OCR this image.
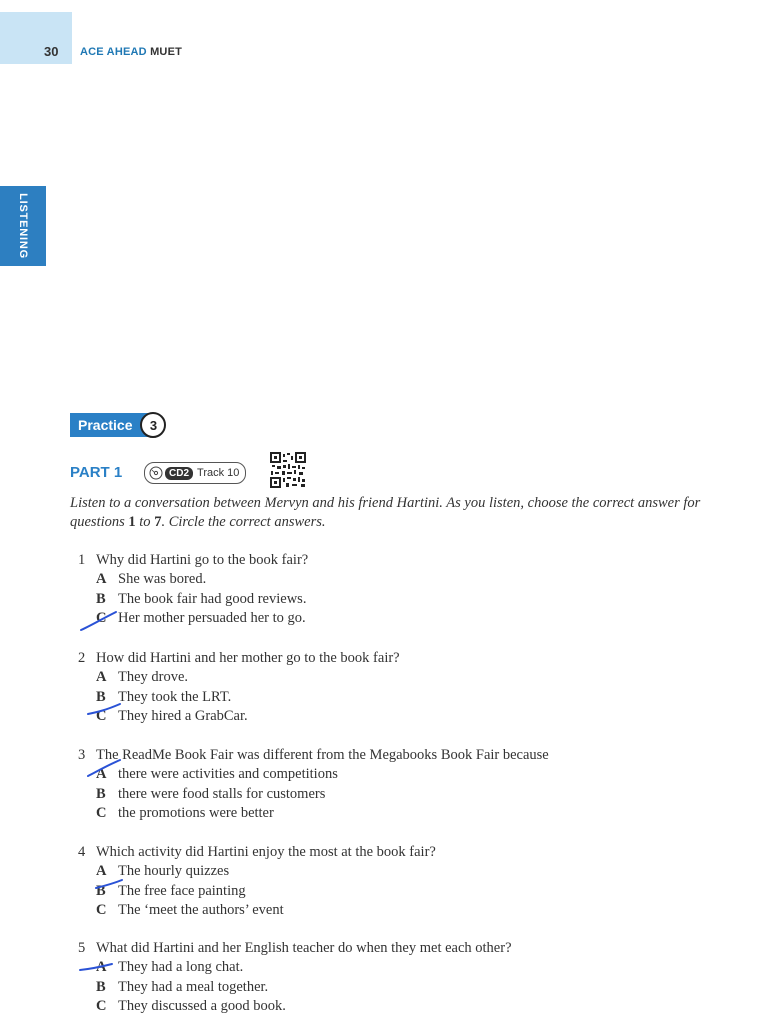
30 ACE AHEAD MUET
LISTENING
Practice	3
PART 1	CD2 Track 10
Listen to a conversation between Mervyn and his friend Hartini. As you listen, choose the correct answer for questions 1 to 7. Circle the correct answers.
1 Why did Hartini go to the book fair?
A She was bored.
B The book fair had good reviews.
C Her mother persuaded her to go.
2 How did Hartini and her mother go to the book fair?
A They drove.
B They took the LRT.
C They hired a GrabCar.
3 The ReadMe Book Fair was different from the Megabooks Book Fair because
A there were activities and competitions
B there were food stalls for customers
C the promotions were better
4 Which activity did Hartini enjoy the most at the book fair?
A The hourly quizzes
B The free face painting
C The ‘meet the authors’ event
5 What did Hartini and her English teacher do when they met each other?
A They had a long chat.
B They had a meal together.
C They discussed a good book.
